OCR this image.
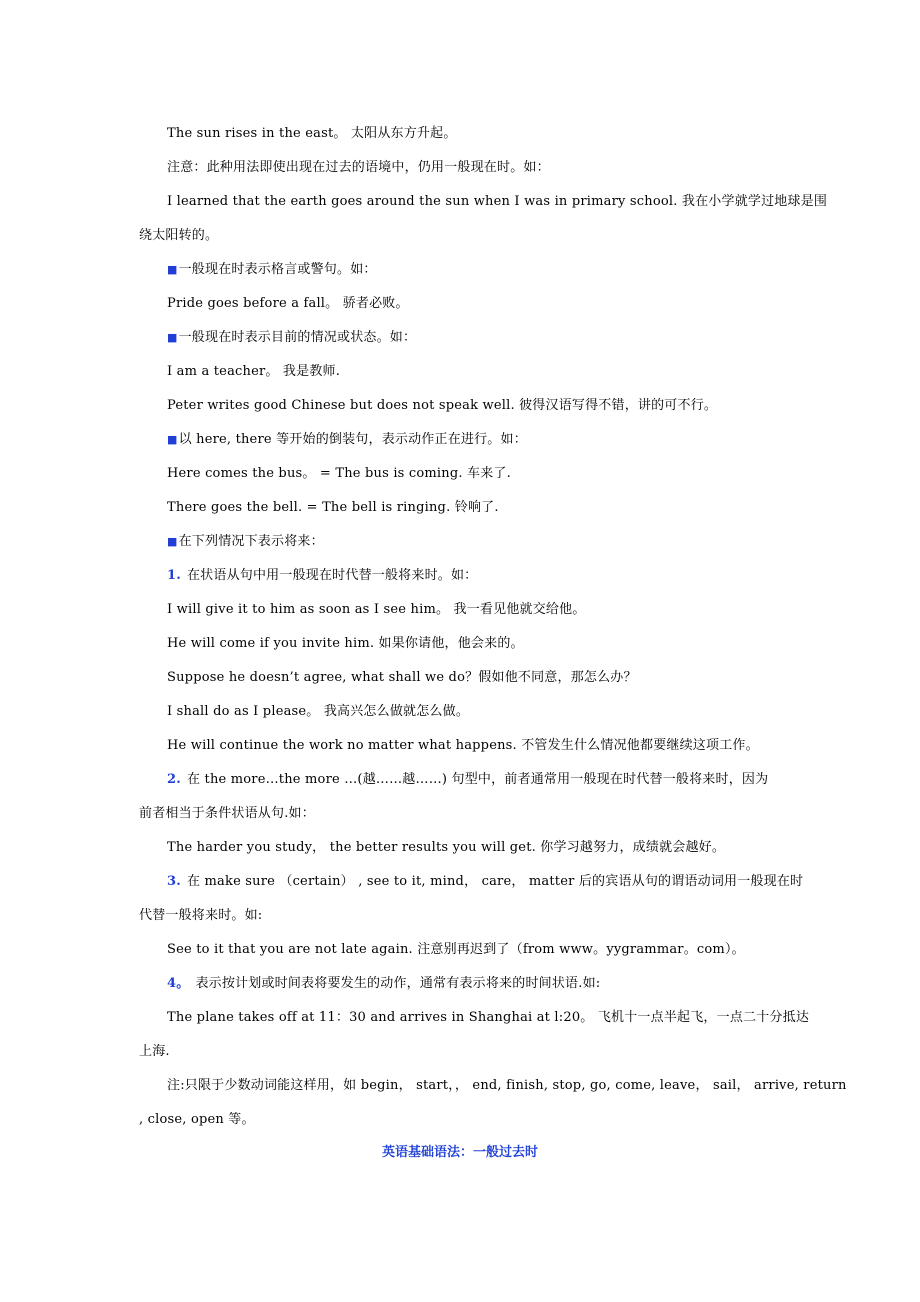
The sun rises in the east。 太阳从东方升起。
注意：此种用法即使出现在过去的语境中，仍用一般现在时。如：
I learned that the earth goes around the sun when I was in primary school. 我在小学就学过地球是围
绕太阳转的。
■一般现在时表示格言或警句。如：
Pride goes before a fall。 骄者必败。
■一般现在时表示目前的情况或状态。如：
I am a teacher。 我是教师.
Peter writes good Chinese but does not speak well. 彼得汉语写得不错，讲的可不行。
■以 here, there 等开始的倒装句，表示动作正在进行。如：
Here comes the bus。 = The bus is coming. 车来了.
There goes the bell. = The bell is ringing. 铃响了.
■在下列情况下表示将来：
1. 在状语从句中用一般现在时代替一般将来时。如：
I will give it to him as soon as I see him。 我一看见他就交给他。
He will come if you invite him. 如果你请他，他会来的。
Suppose he doesn’t agree, what shall we do？假如他不同意，那怎么办？
I shall do as I please。 我高兴怎么做就怎么做。
He will continue the work no matter what happens. 不管发生什么情况他都要继续这项工作。
2. 在 the more…the more …(越……越……) 句型中，前者通常用一般现在时代替一般将来时，因为
前者相当于条件状语从句.如：
The harder you study， the better results you will get. 你学习越努力，成绩就会越好。
3. 在 make sure （certain） , see to it, mind， care， matter 后的宾语从句的谓语动词用一般现在时
代替一般将来时。如:
See to it that you are not late again. 注意别再迟到了（from www。yygrammar。com）。
4。 表示按计划或时间表将要发生的动作，通常有表示将来的时间状语.如:
The plane takes off at 11：30 and arrives in Shanghai at l:20。 飞机十一点半起飞，一点二十分抵达
上海.
注:只限于少数动词能这样用，如 begin， start，， end, finish, stop, go, come, leave， sail， arrive, return
, close, open 等。
英语基础语法：一般过去时
